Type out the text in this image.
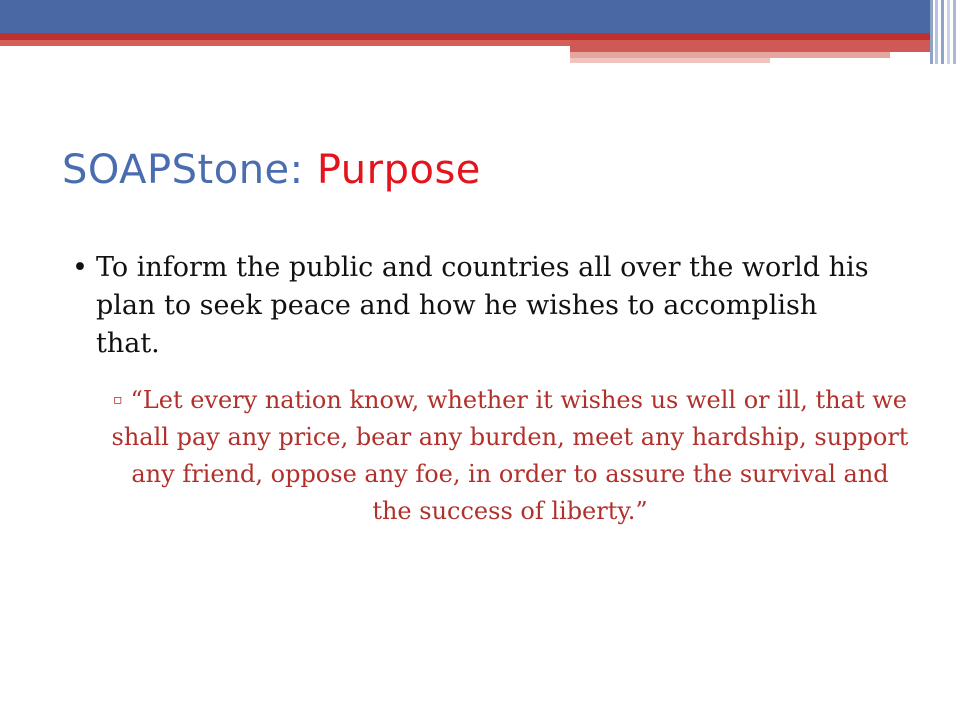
SOAPStone: Purpose
• To inform the public and countries all over the world his plan to seek peace and how he wishes to accomplish that.
▫ “Let every nation know, whether it wishes us well or ill, that we shall pay any price, bear any burden, meet any hardship, support any friend, oppose any foe, in order to assure the survival and the success of liberty.”
